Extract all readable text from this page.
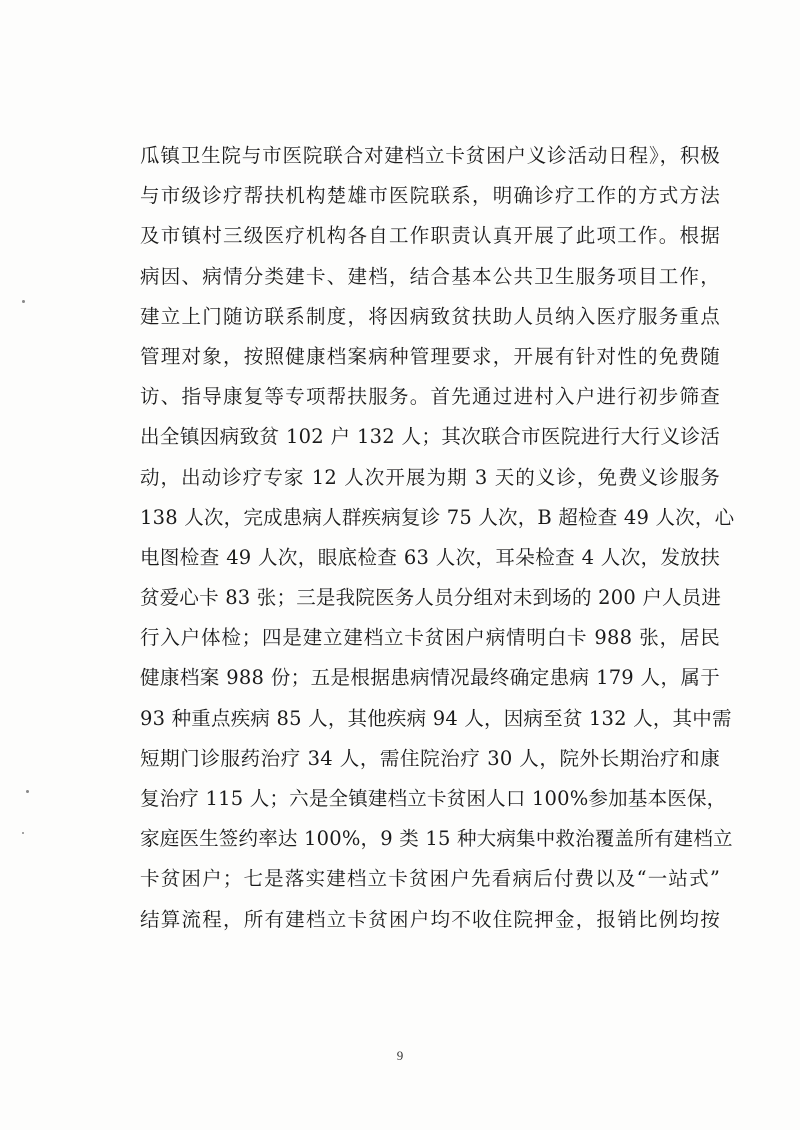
瓜镇卫生院与市医院联合对建档立卡贫困户义诊活动日程》，积极
与市级诊疗帮扶机构楚雄市医院联系，明确诊疗工作的方式方法
及市镇村三级医疗机构各自工作职责认真开展了此项工作。根据
病因、病情分类建卡、建档，结合基本公共卫生服务项目工作，
建立上门随访联系制度，将因病致贫扶助人员纳入医疗服务重点
管理对象，按照健康档案病种管理要求，开展有针对性的免费随
访、指导康复等专项帮扶服务。首先通过进村入户进行初步筛查
出全镇因病致贫 102 户 132 人；其次联合市医院进行大行义诊活
动，出动诊疗专家 12 人次开展为期 3 天的义诊，免费义诊服务
138 人次，完成患病人群疾病复诊 75 人次，B 超检查 49 人次，心
电图检查 49 人次，眼底检查 63 人次，耳朵检查 4 人次，发放扶
贫爱心卡 83 张；三是我院医务人员分组对未到场的 200 户人员进
行入户体检；四是建立建档立卡贫困户病情明白卡 988 张，居民
健康档案 988 份；五是根据患病情况最终确定患病 179 人，属于
93 种重点疾病 85 人，其他疾病 94 人，因病至贫 132 人，其中需
短期门诊服药治疗 34 人，需住院治疗 30 人，院外长期治疗和康
复治疗 115 人；六是全镇建档立卡贫困人口 100%参加基本医保，
家庭医生签约率达 100%，9 类 15 种大病集中救治覆盖所有建档立
卡贫困户；七是落实建档立卡贫困户先看病后付费以及“一站式”
结算流程，所有建档立卡贫困户均不收住院押金，报销比例均按
9
